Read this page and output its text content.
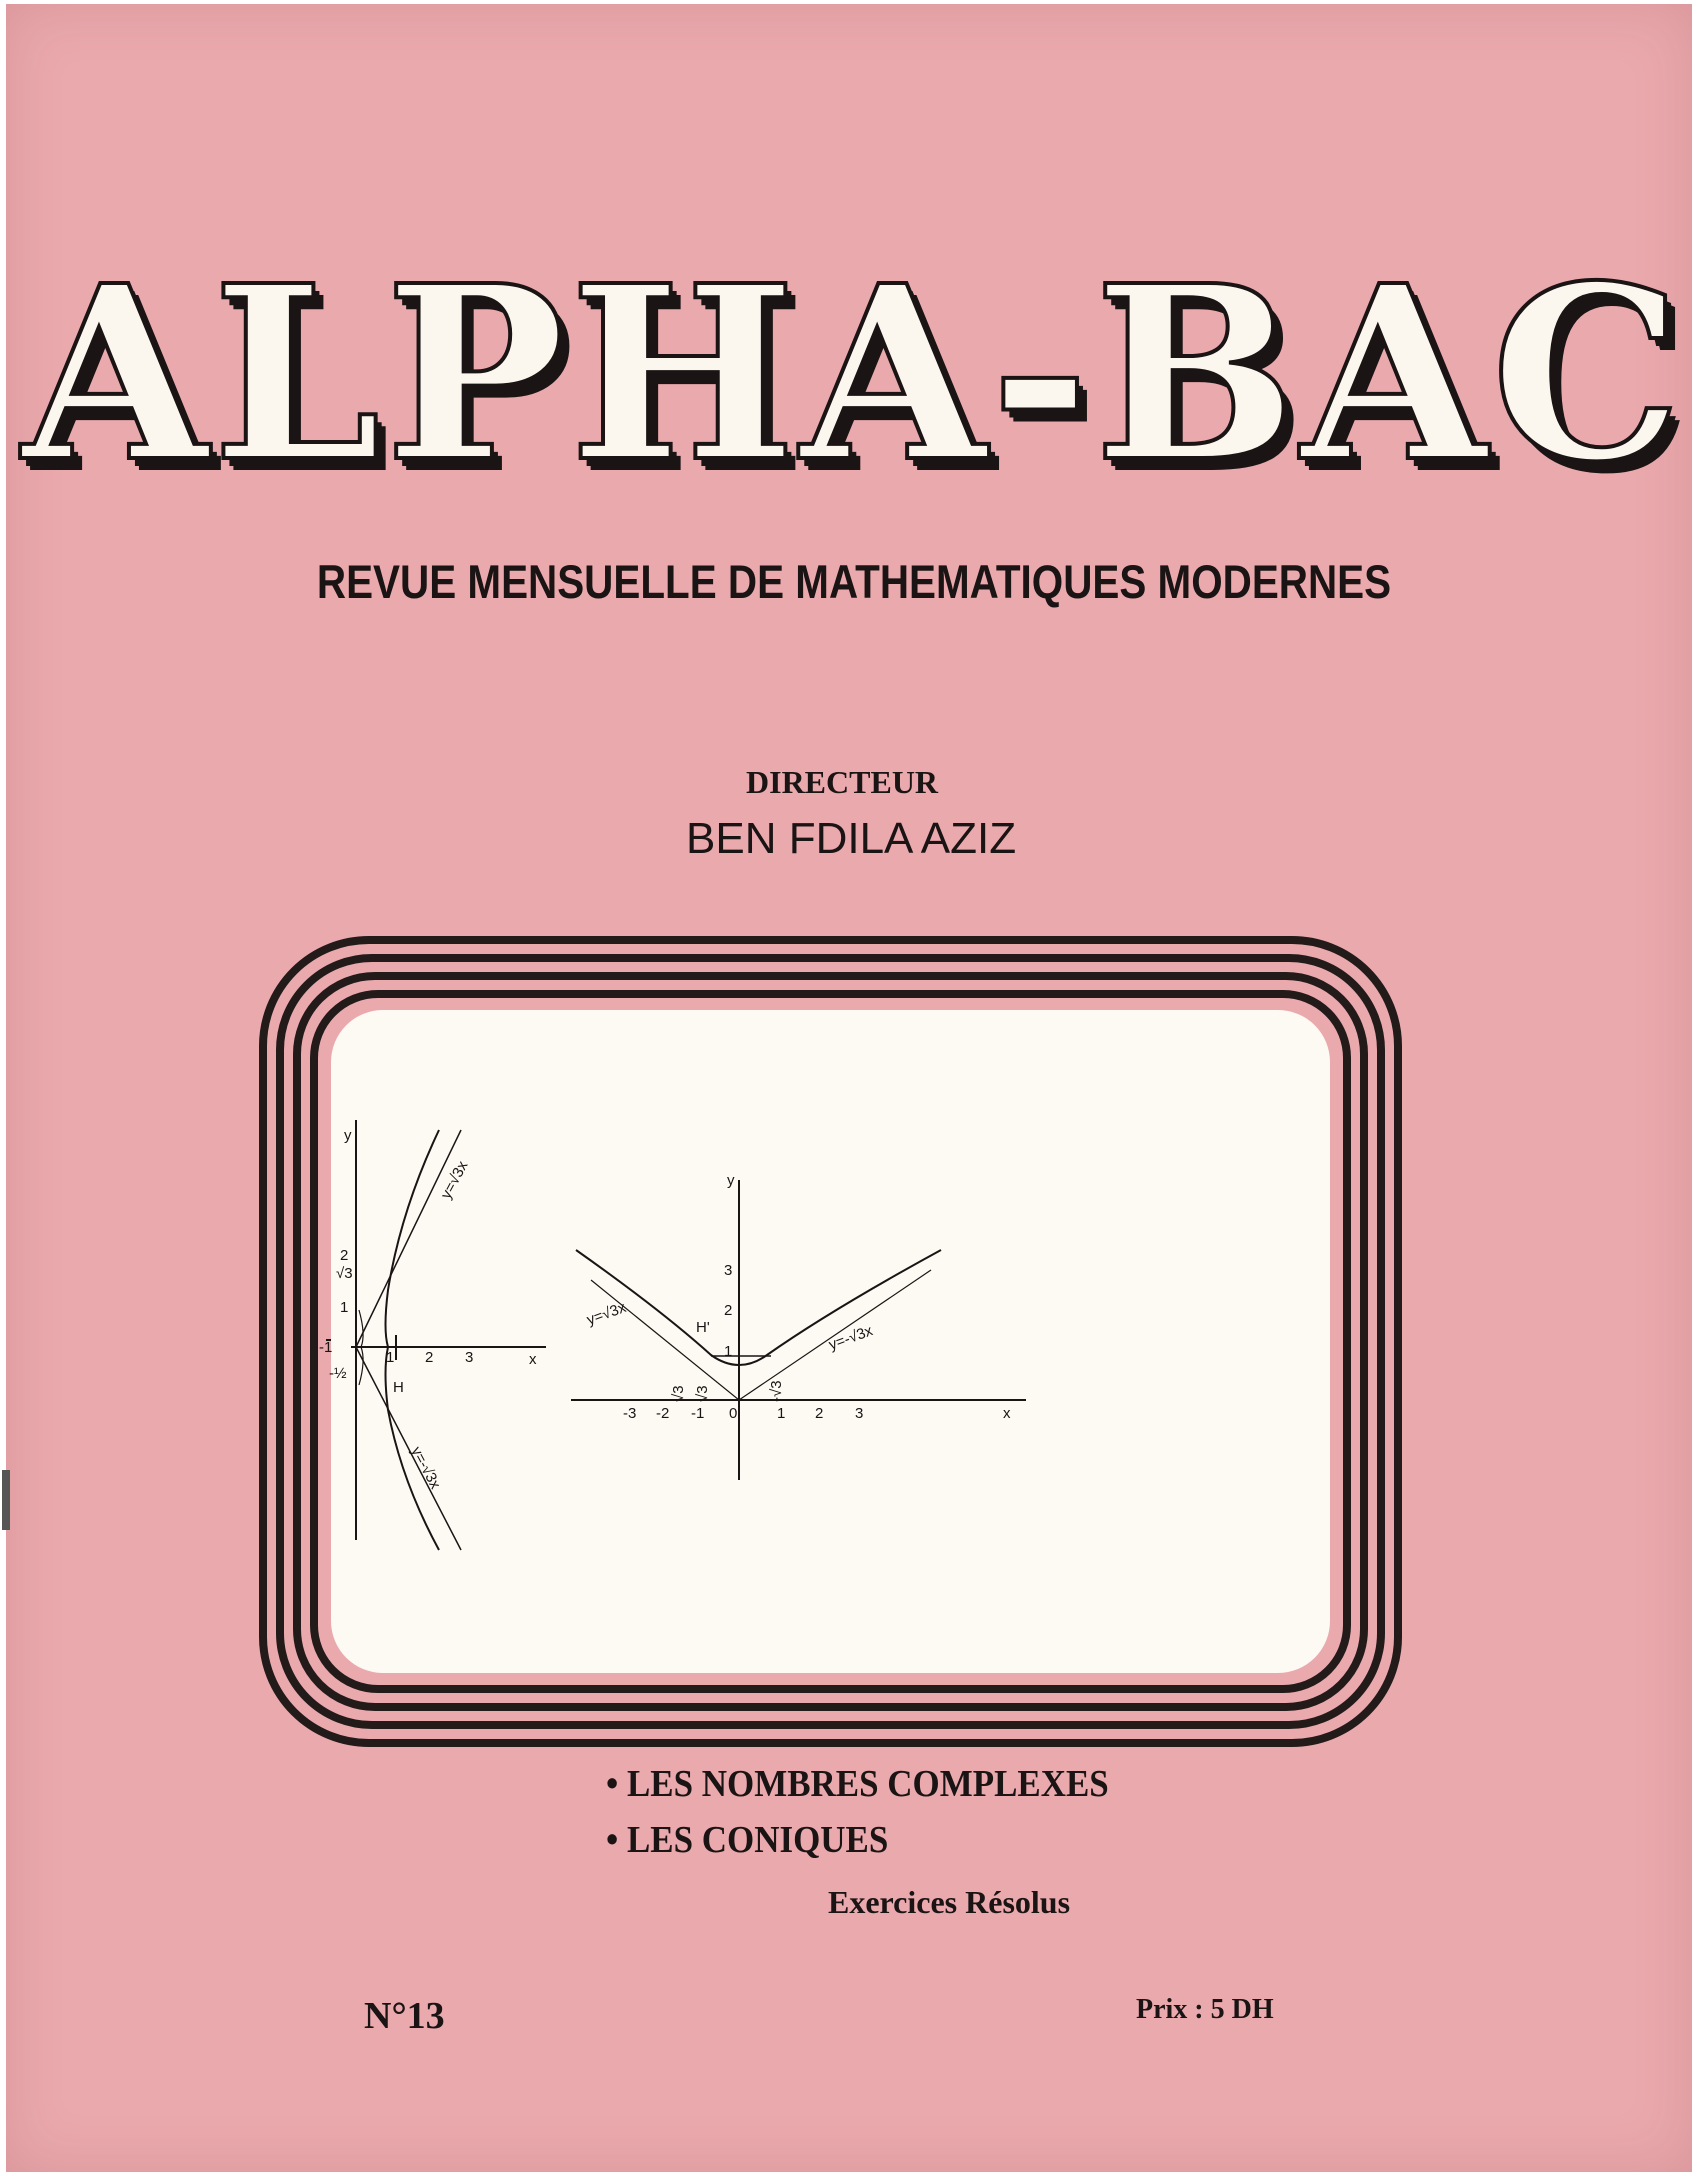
ALPHA-BAC
REVUE MENSUELLE DE MATHEMATIQUES MODERNES
DIRECTEUR
BEN FDILA AZIZ
x
y
1 2 3
1
2
√3
-1
-½
H
y=√3x
y=-√3x
x
y
0	1 2 3
-3 -2 -1
1
2
3
√3 √3	-√3
H'
y=√3x
y=-√3x
• LES NOMBRES COMPLEXES
• LES CONIQUES
Exercices Résolus
N°13	Prix : 5 DH
